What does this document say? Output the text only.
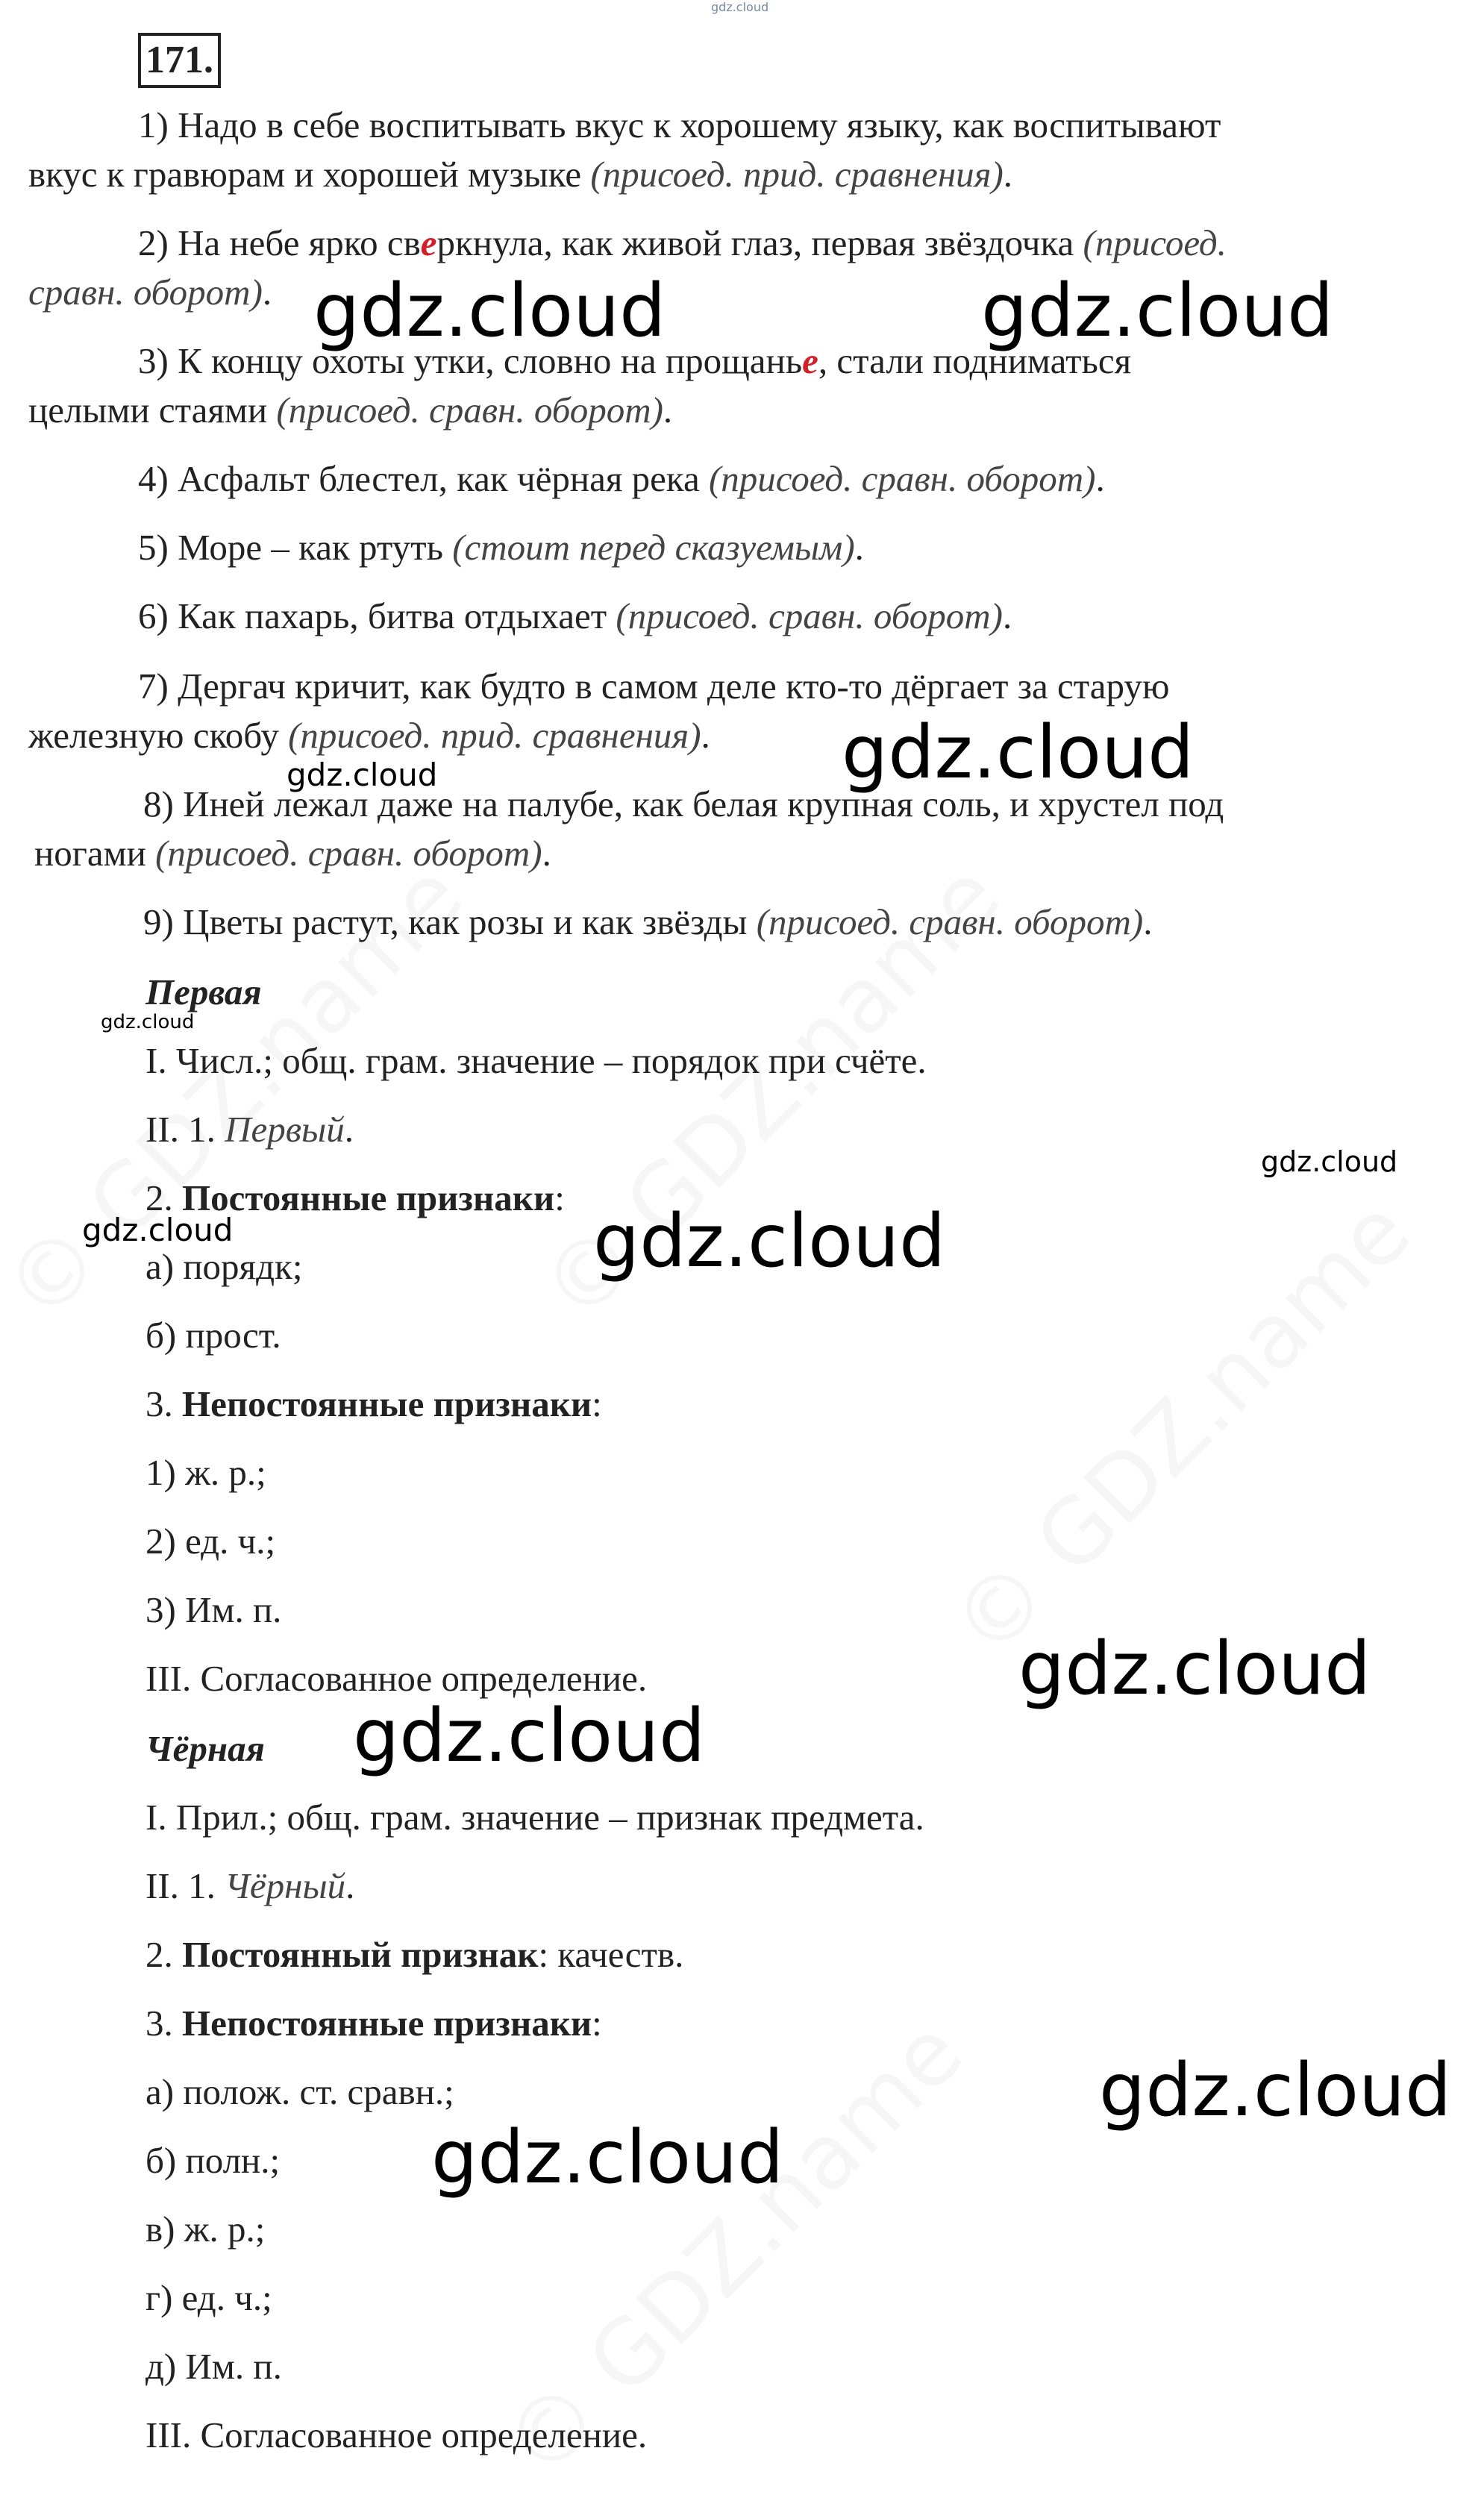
gdz.cloud
171.
1) Надо в себе воспитывать вкус к хорошему языку, как воспитывают
вкус к гравюрам и хорошей музыке (присоед. прид. сравнения).
2) На небе ярко сверкнула, как живой глаз, первая звёздочка (присоед.
сравн. оборот).
3) К концу охоты утки, словно на прощанье, стали подниматься
целыми стаями (присоед. сравн. оборот).
4) Асфальт блестел, как чёрная река (присоед. сравн. оборот).
5) Море – как ртуть (стоит перед сказуемым).
6) Как пахарь, битва отдыхает (присоед. сравн. оборот).
7) Дергач кричит, как будто в самом деле кто-то дёргает за старую
железную скобу (присоед. прид. сравнения).
8) Иней лежал даже на палубе, как белая крупная соль, и хрустел под
ногами (присоед. сравн. оборот).
9) Цветы растут, как розы и как звёзды (присоед. сравн. оборот).
Первая
I. Числ.; общ. грам. значение – порядок при счёте.
II. 1. Первый.
2. Постоянные признаки:
а) порядк;
б) прост.
3. Непостоянные признаки:
1) ж. р.;
2) ед. ч.;
3) Им. п.
III. Согласованное определение.
Чёрная
I. Прил.; общ. грам. значение – признак предмета.
II. 1. Чёрный.
2. Постоянный признак: качеств.
3. Непостоянные признаки:
а) полож. ст. сравн.;
б) полн.;
в) ж. р.;
г) ед. ч.;
д) Им. п.
III. Согласованное определение.
gdz.cloud	gdz.cloud
gdz.cloud
gdz.cloud
gdz.cloud
gdz.cloud
gdz.cloud	gdz.cloud
gdz.cloud
gdz.cloud
gdz.cloud
gdz.cloud
